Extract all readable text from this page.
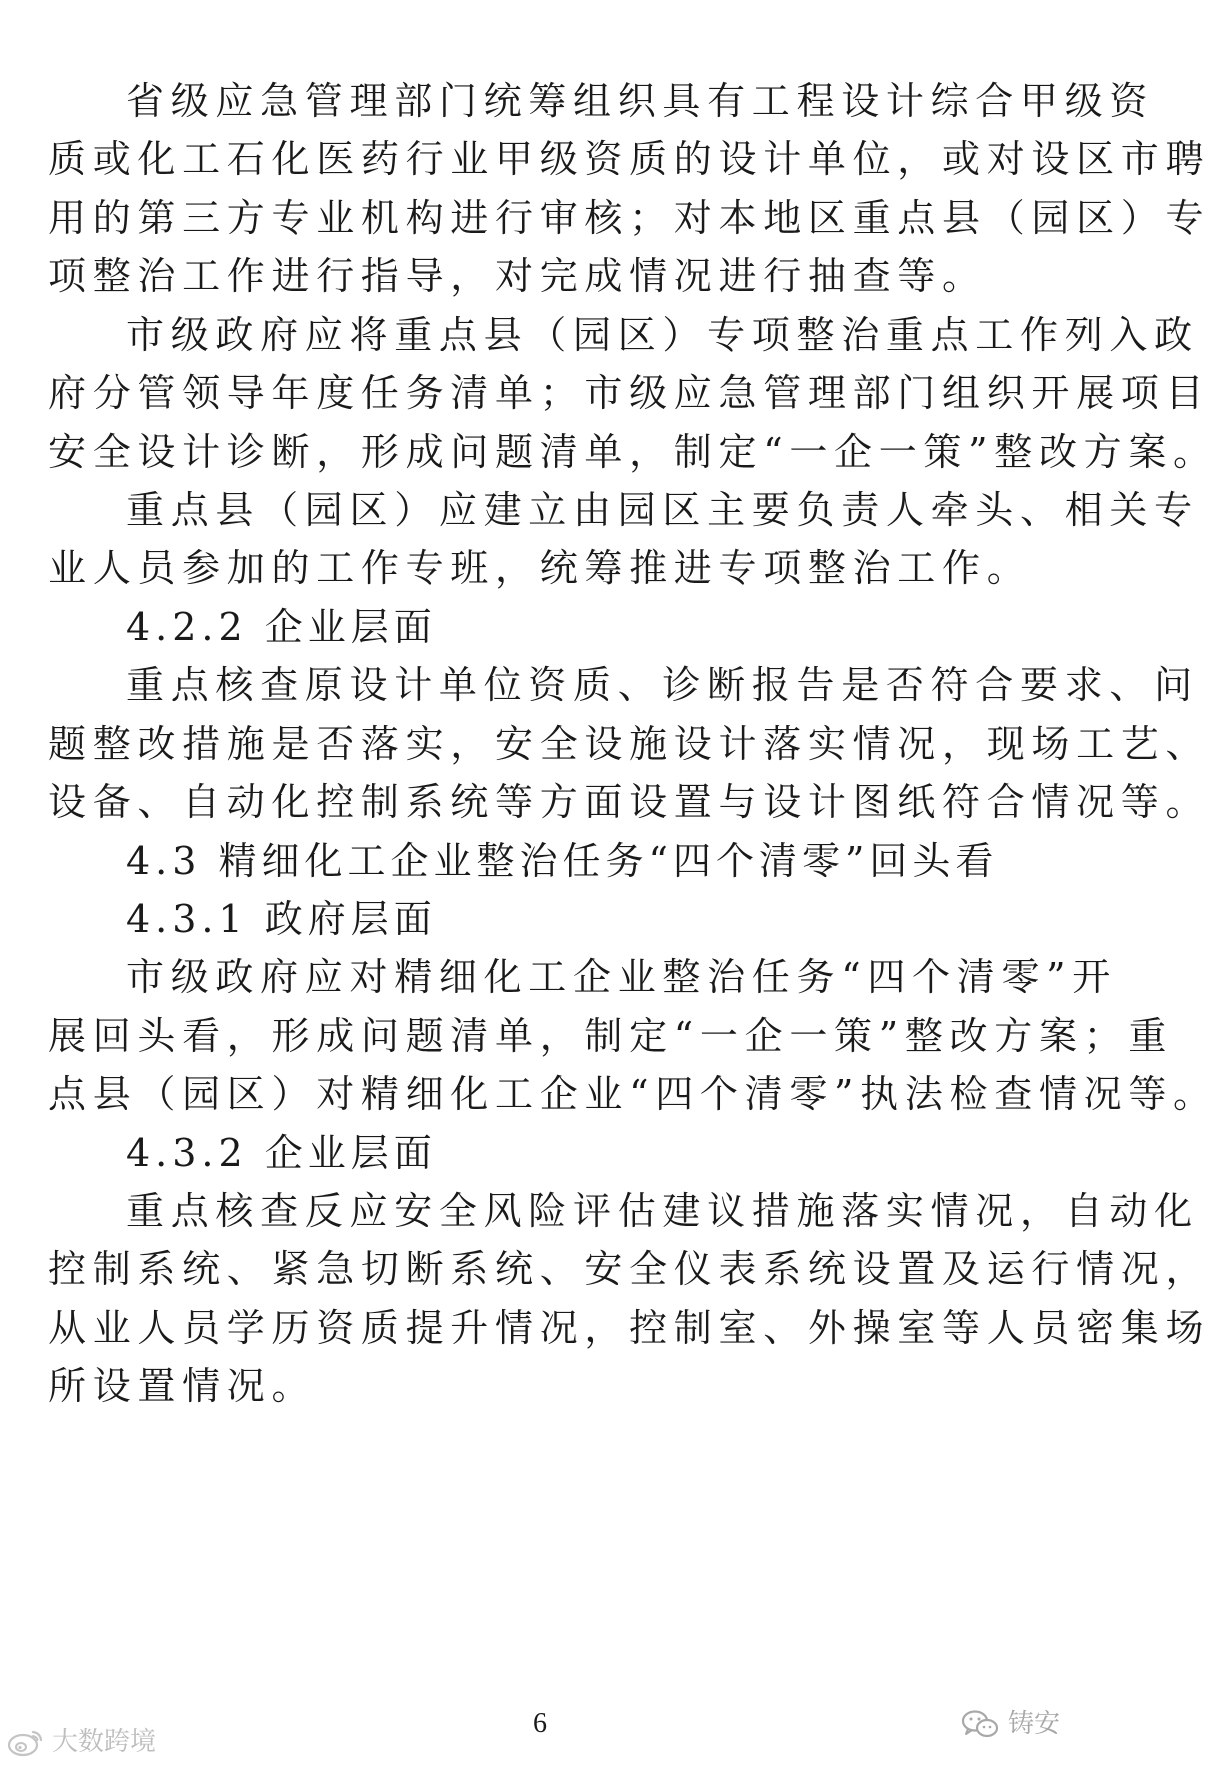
省级应急管理部门统筹组织具有工程设计综合甲级资
质或化工石化医药行业甲级资质的设计单位，或对设区市聘
用的第三方专业机构进行审核；对本地区重点县（园区）专
项整治工作进行指导，对完成情况进行抽查等。
市级政府应将重点县（园区）专项整治重点工作列入政
府分管领导年度任务清单；市级应急管理部门组织开展项目
安全设计诊断，形成问题清单，制定“一企一策”整改方案。
重点县（园区）应建立由园区主要负责人牵头、相关专
业人员参加的工作专班，统筹推进专项整治工作。
4.2.2 企业层面
重点核查原设计单位资质、诊断报告是否符合要求、问
题整改措施是否落实，安全设施设计落实情况，现场工艺、
设备、自动化控制系统等方面设置与设计图纸符合情况等。
4.3 精细化工企业整治任务“四个清零”回头看
4.3.1 政府层面
市级政府应对精细化工企业整治任务“四个清零”开
展回头看，形成问题清单，制定“一企一策”整改方案；重
点县（园区）对精细化工企业“四个清零”执法检查情况等。
4.3.2 企业层面
重点核查反应安全风险评估建议措施落实情况，自动化
控制系统、紧急切断系统、安全仪表系统设置及运行情况，
从业人员学历资质提升情况，控制室、外操室等人员密集场
所设置情况。
6
大数跨境
铸安
